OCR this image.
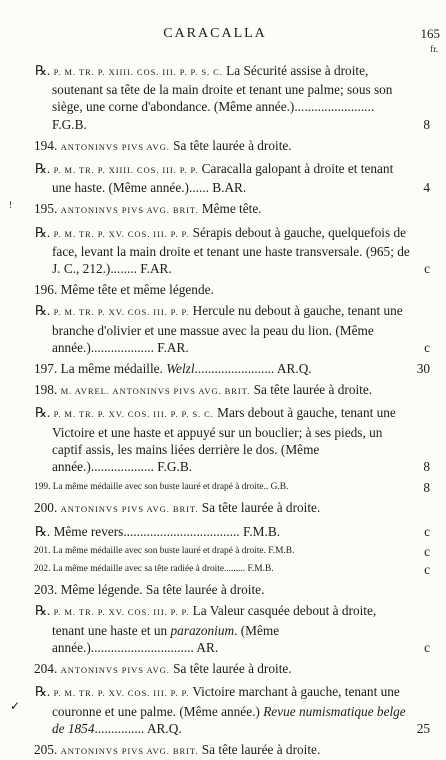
CARACALLA	165
fr.
ǃ
✓
℞. P. M. TR. P. XIIII. COS. III. P. P. S. C. La Sécurité assise à droite, soutenant sa tête de la main droite et tenant une palme; sous son siège, une corne d'abondance. (Même année.)........................ F.G.B.	8
194. ANTONINVS PIVS AVG. Sa tête laurée à droite.
℞. P. M. TR. P. XIIII. COS. III. P. P. Caracalla galopant à droite et tenant une haste. (Même année.)...... B.AR.	4
195. ANTONINVS PIVS AVG. BRIT. Même tête.
℞. P. M. TR. P. XV. COS. III. P. P. Sérapis debout à gauche, quelquefois de face, levant la main droite et tenant une haste transversale. (965; de J. C., 212.)........ F.AR.	c
196. Même tête et même légende.
℞. P. M. TR. P. XV. COS. III. P. P. Hercule nu debout à gauche, tenant une branche d'olivier et une massue avec la peau du lion. (Même année.)................... F.AR.	c
197. La même médaille. Welzl........................ AR.Q.	30
198. M. AVREL. ANTONINVS PIVS AVG. BRIT. Sa tête laurée à droite.
℞. P. M. TR. P. XV. COS. III. P. P. S. C. Mars debout à gauche, tenant une Victoire et une haste et appuyé sur un bouclier; à ses pieds, un captif assis, les mains liées derrière le dos. (Même année.)................... F.G.B.	8
199. La même médaille avec son buste lauré et drapé à droite.. G.B.	8
200. ANTONINVS PIVS AVG. BRIT. Sa tête laurée à droite.
℞. Même revers................................... F.M.B.	c
201. La même médaille avec son buste lauré et drapé à droite. F.M.B.	c
202. La même médaille avec sa tête radiée à droite......... F.M.B.	c
203. Même légende. Sa tête laurée à droite.
℞. P. M. TR. P. XV. COS. III. P. P. La Valeur casquée debout à droite, tenant une haste et un parazonium. (Même année.)............................... AR.	c
204. ANTONINVS PIVS AVG. Sa tête laurée à droite.
℞. P. M. TR. P. XV. COS. III. P. P. Victoire marchant à gauche, tenant une couronne et une palme. (Même année.) Revue numismatique belge de 1854............... AR.Q.	25
205. ANTONINVS PIVS AVG. BRIT. Sa tête laurée à droite.
